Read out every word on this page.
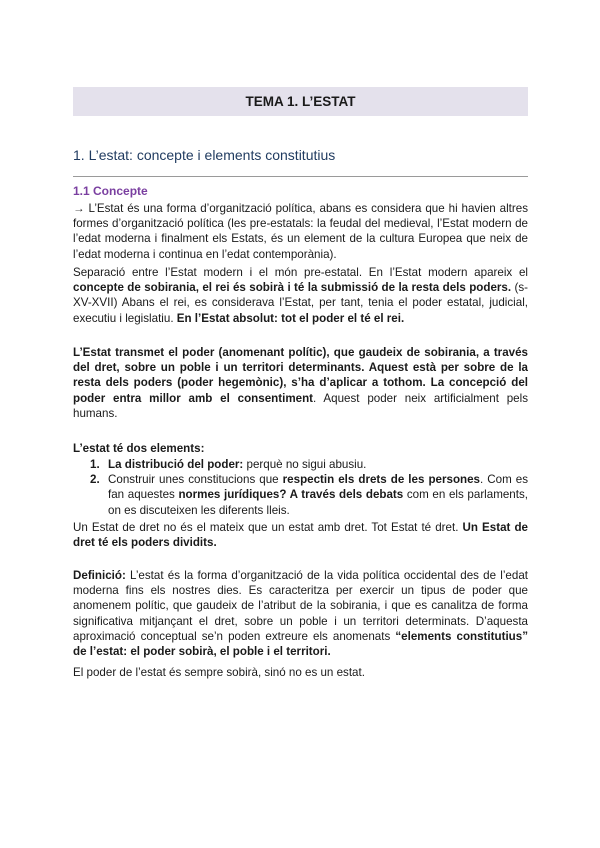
TEMA 1. L’ESTAT
1. L’estat: concepte i elements constitutius
1.1 Concepte

→ L’Estat és una forma d’organització política, abans es considera que hi havien altres formes d’organització política (les pre-estatals: la feudal del medieval, l’Estat modern de l’edat moderna i finalment els Estats, és un element de la cultura Europea que neix de l’edat moderna i continua en l’edat contemporània).

Separació entre l’Estat modern i el món pre-estatal. En l’Estat modern apareix el concepte de sobirania, el rei és sobirà i té la submissió de la resta dels poders. (s-XV-XVII) Abans el rei, es considerava l’Estat, per tant, tenia el poder estatal, judicial, executiu i legislatiu. En l’Estat absolut: tot el poder el té el rei.

L’Estat transmet el poder (anomenant polític), que gaudeix de sobirania, a través del dret, sobre un poble i un territori determinants. Aquest està per sobre de la resta dels poders (poder hegemònic), s’ha d’aplicar a tothom. La concepció del poder entra millor amb el consentiment. Aquest poder neix artificialment pels humans.

L’estat té dos elements:

1. La distribució del poder: perquè no sigui abusiu.
2. Construir unes constitucions que respectin els drets de les persones. Com es fan aquestes normes jurídiques? A través dels debats com en els parlaments, on es discuteixen les diferents lleis.

Un Estat de dret no és el mateix que un estat amb dret. Tot Estat té dret. Un Estat de dret té els poders dividits.

Definició: L’estat és la forma d’organització de la vida política occidental des de l’edat moderna fins els nostres dies. Es caracteritza per exercir un tipus de poder que anomenem polític, que gaudeix de l’atribut de la sobirania, i que es canalitza de forma significativa mitjançant el dret, sobre un poble i un territori determinats. D’aquesta aproximació conceptual se’n poden extreure els anomenats “elements constitutius” de l’estat: el poder sobirà, el poble i el territori.

El poder de l’estat és sempre sobirà, sinó no es un estat.
